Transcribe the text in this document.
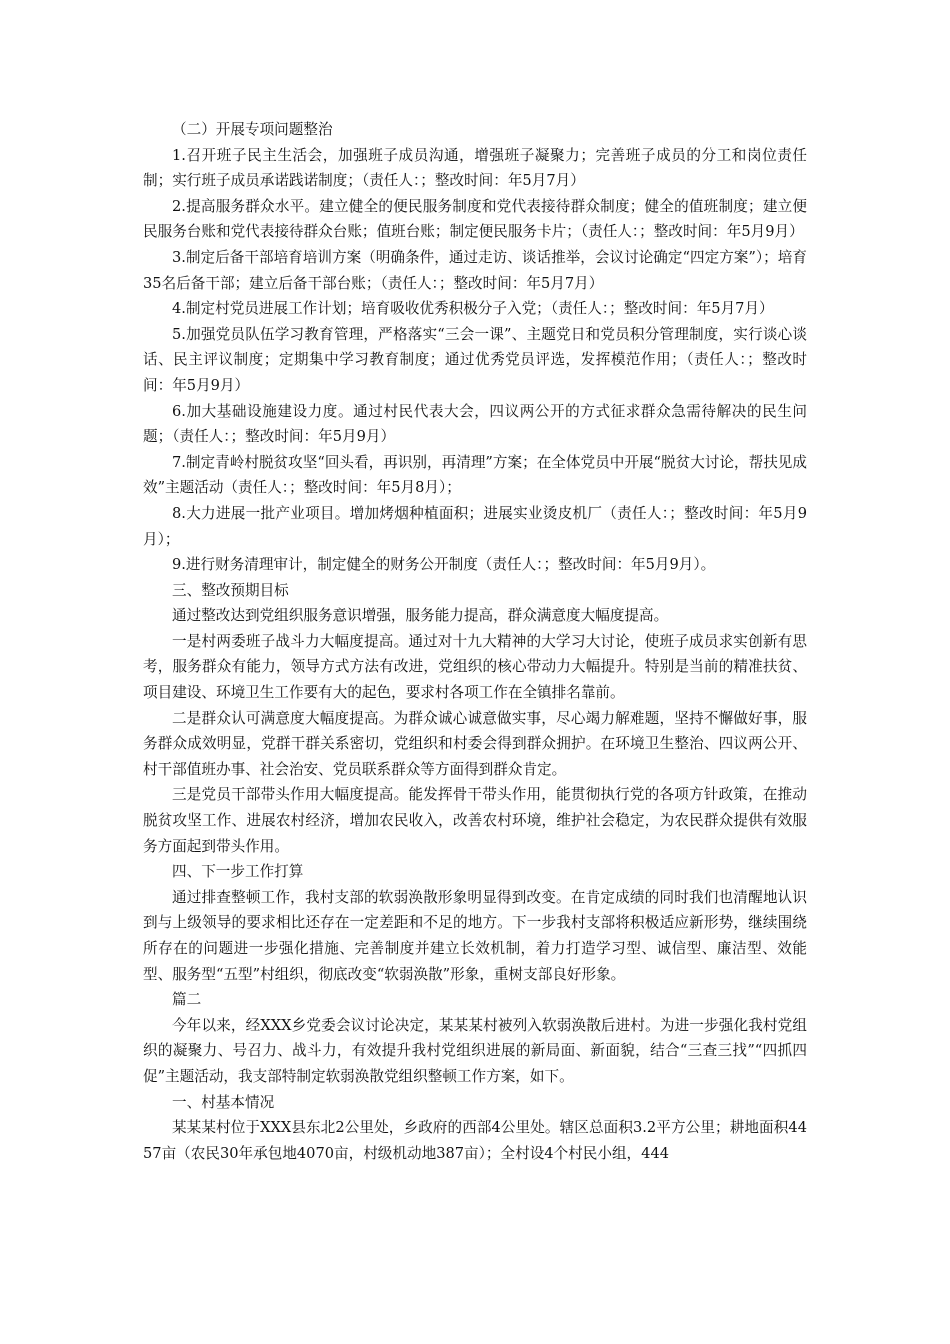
（二）开展专项问题整治

1.召开班子民主生活会，加强班子成员沟通，增强班子凝聚力；完善班子成员的分工和岗位责任制；实行班子成员承诺践诺制度；（责任人：；整改时间：年5月7月）

2.提高服务群众水平。建立健全的便民服务制度和党代表接待群众制度；健全的值班制度；建立便民服务台账和党代表接待群众台账；值班台账；制定便民服务卡片；（责任人：；整改时间：年5月9月）

3.制定后备干部培育培训方案（明确条件，通过走访、谈话推举，会议讨论确定“四定方案”）；培育35名后备干部；建立后备干部台账；（责任人：；整改时间：年5月7月）

4.制定村党员进展工作计划；培育吸收优秀积极分子入党；（责任人：；整改时间：年5月7月）

5.加强党员队伍学习教育管理，严格落实“三会一课”、主题党日和党员积分管理制度，实行谈心谈话、民主评议制度；定期集中学习教育制度；通过优秀党员评选，发挥模范作用；（责任人：；整改时间：年5月9月）

6.加大基础设施建设力度。通过村民代表大会，四议两公开的方式征求群众急需待解决的民生问题；（责任人：；整改时间：年5月9月）

7.制定青岭村脱贫攻坚“回头看，再识别，再清理”方案；在全体党员中开展“脱贫大讨论，帮扶见成效”主题活动（责任人：；整改时间：年5月8月）；

8.大力进展一批产业项目。增加烤烟种植面积；进展实业烫皮机厂（责任人：；整改时间：年5月9月）；

9.进行财务清理审计，制定健全的财务公开制度（责任人：；整改时间：年5月9月）。

三、整改预期目标

通过整改达到党组织服务意识增强，服务能力提高，群众满意度大幅度提高。

一是村两委班子战斗力大幅度提高。通过对十九大精神的大学习大讨论，使班子成员求实创新有思考，服务群众有能力，领导方式方法有改进，党组织的核心带动力大幅提升。特别是当前的精准扶贫、项目建设、环境卫生工作要有大的起色，要求村各项工作在全镇排名靠前。

二是群众认可满意度大幅度提高。为群众诚心诚意做实事，尽心竭力解难题，坚持不懈做好事，服务群众成效明显，党群干群关系密切，党组织和村委会得到群众拥护。在环境卫生整治、四议两公开、村干部值班办事、社会治安、党员联系群众等方面得到群众肯定。

三是党员干部带头作用大幅度提高。能发挥骨干带头作用，能贯彻执行党的各项方针政策，在推动脱贫攻坚工作、进展农村经济，增加农民收入，改善农村环境，维护社会稳定，为农民群众提供有效服务方面起到带头作用。

四、下一步工作打算

通过排查整顿工作，我村支部的软弱涣散形象明显得到改变。在肯定成绩的同时我们也清醒地认识到与上级领导的要求相比还存在一定差距和不足的地方。下一步我村支部将积极适应新形势，继续围绕所存在的问题进一步强化措施、完善制度并建立长效机制，着力打造学习型、诚信型、廉洁型、效能型、服务型“五型”村组织，彻底改变“软弱涣散”形象，重树支部良好形象。

篇二

今年以来，经XXX乡党委会议讨论决定，某某某村被列入软弱涣散后进村。为进一步强化我村党组织的凝聚力、号召力、战斗力，有效提升我村党组织进展的新局面、新面貌，结合“三查三找”“四抓四促”主题活动，我支部特制定软弱涣散党组织整顿工作方案，如下。

一、村基本情况

某某某村位于XXX县东北2公里处，乡政府的西部4公里处。辖区总面积3.2平方公里；耕地面积4457亩（农民30年承包地4070亩，村级机动地387亩）；全村设4个村民小组，444
